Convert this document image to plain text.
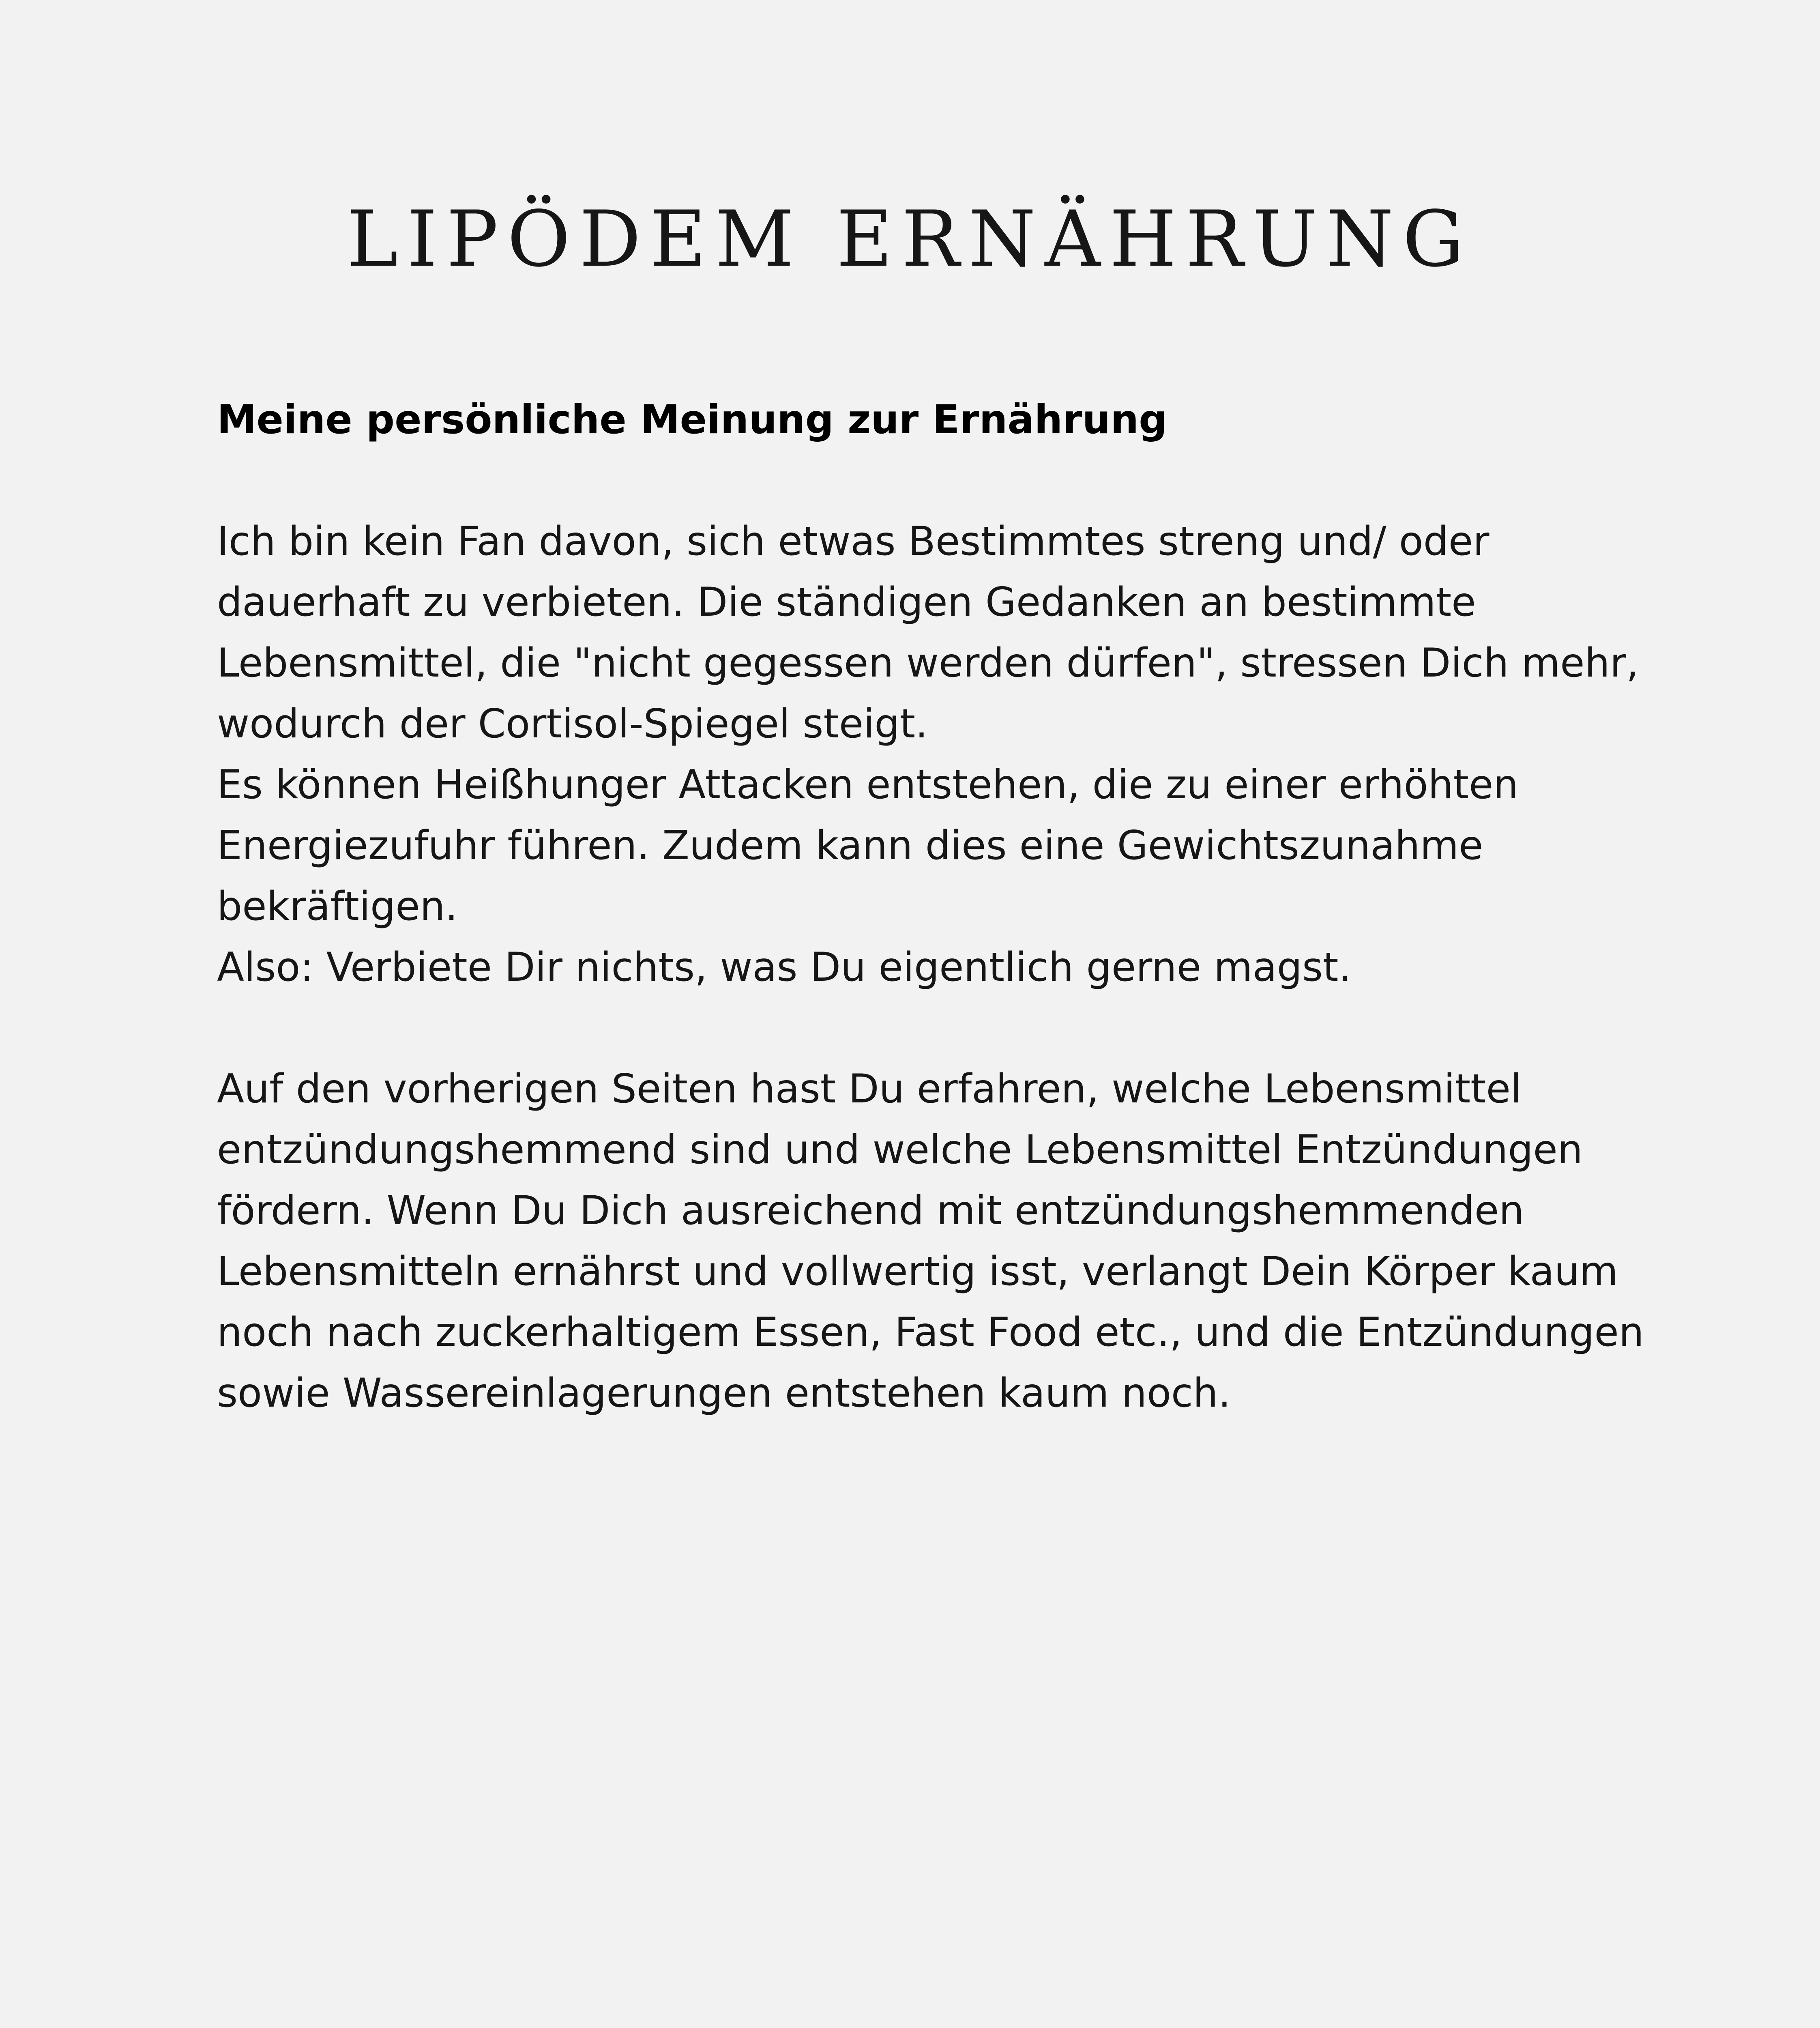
LIPÖDEM ERNÄHRUNG
Meine persönliche Meinung zur Ernährung
Ich bin kein Fan davon, sich etwas Bestimmtes streng und/ oder
dauerhaft zu verbieten. Die ständigen Gedanken an bestimmte
Lebensmittel, die "nicht gegessen werden dürfen", stressen Dich mehr,
wodurch der Cortisol-Spiegel steigt.
Es können Heißhunger Attacken entstehen, die zu einer erhöhten
Energiezufuhr führen. Zudem kann dies eine Gewichtszunahme
bekräftigen.
Also: Verbiete Dir nichts, was Du eigentlich gerne magst.
Auf den vorherigen Seiten hast Du erfahren, welche Lebensmittel
entzündungshemmend sind und welche Lebensmittel Entzündungen
fördern. Wenn Du Dich ausreichend mit entzündungshemmenden
Lebensmitteln ernährst und vollwertig isst, verlangt Dein Körper kaum
noch nach zuckerhaltigem Essen, Fast Food etc., und die Entzündungen
sowie Wassereinlagerungen entstehen kaum noch.
